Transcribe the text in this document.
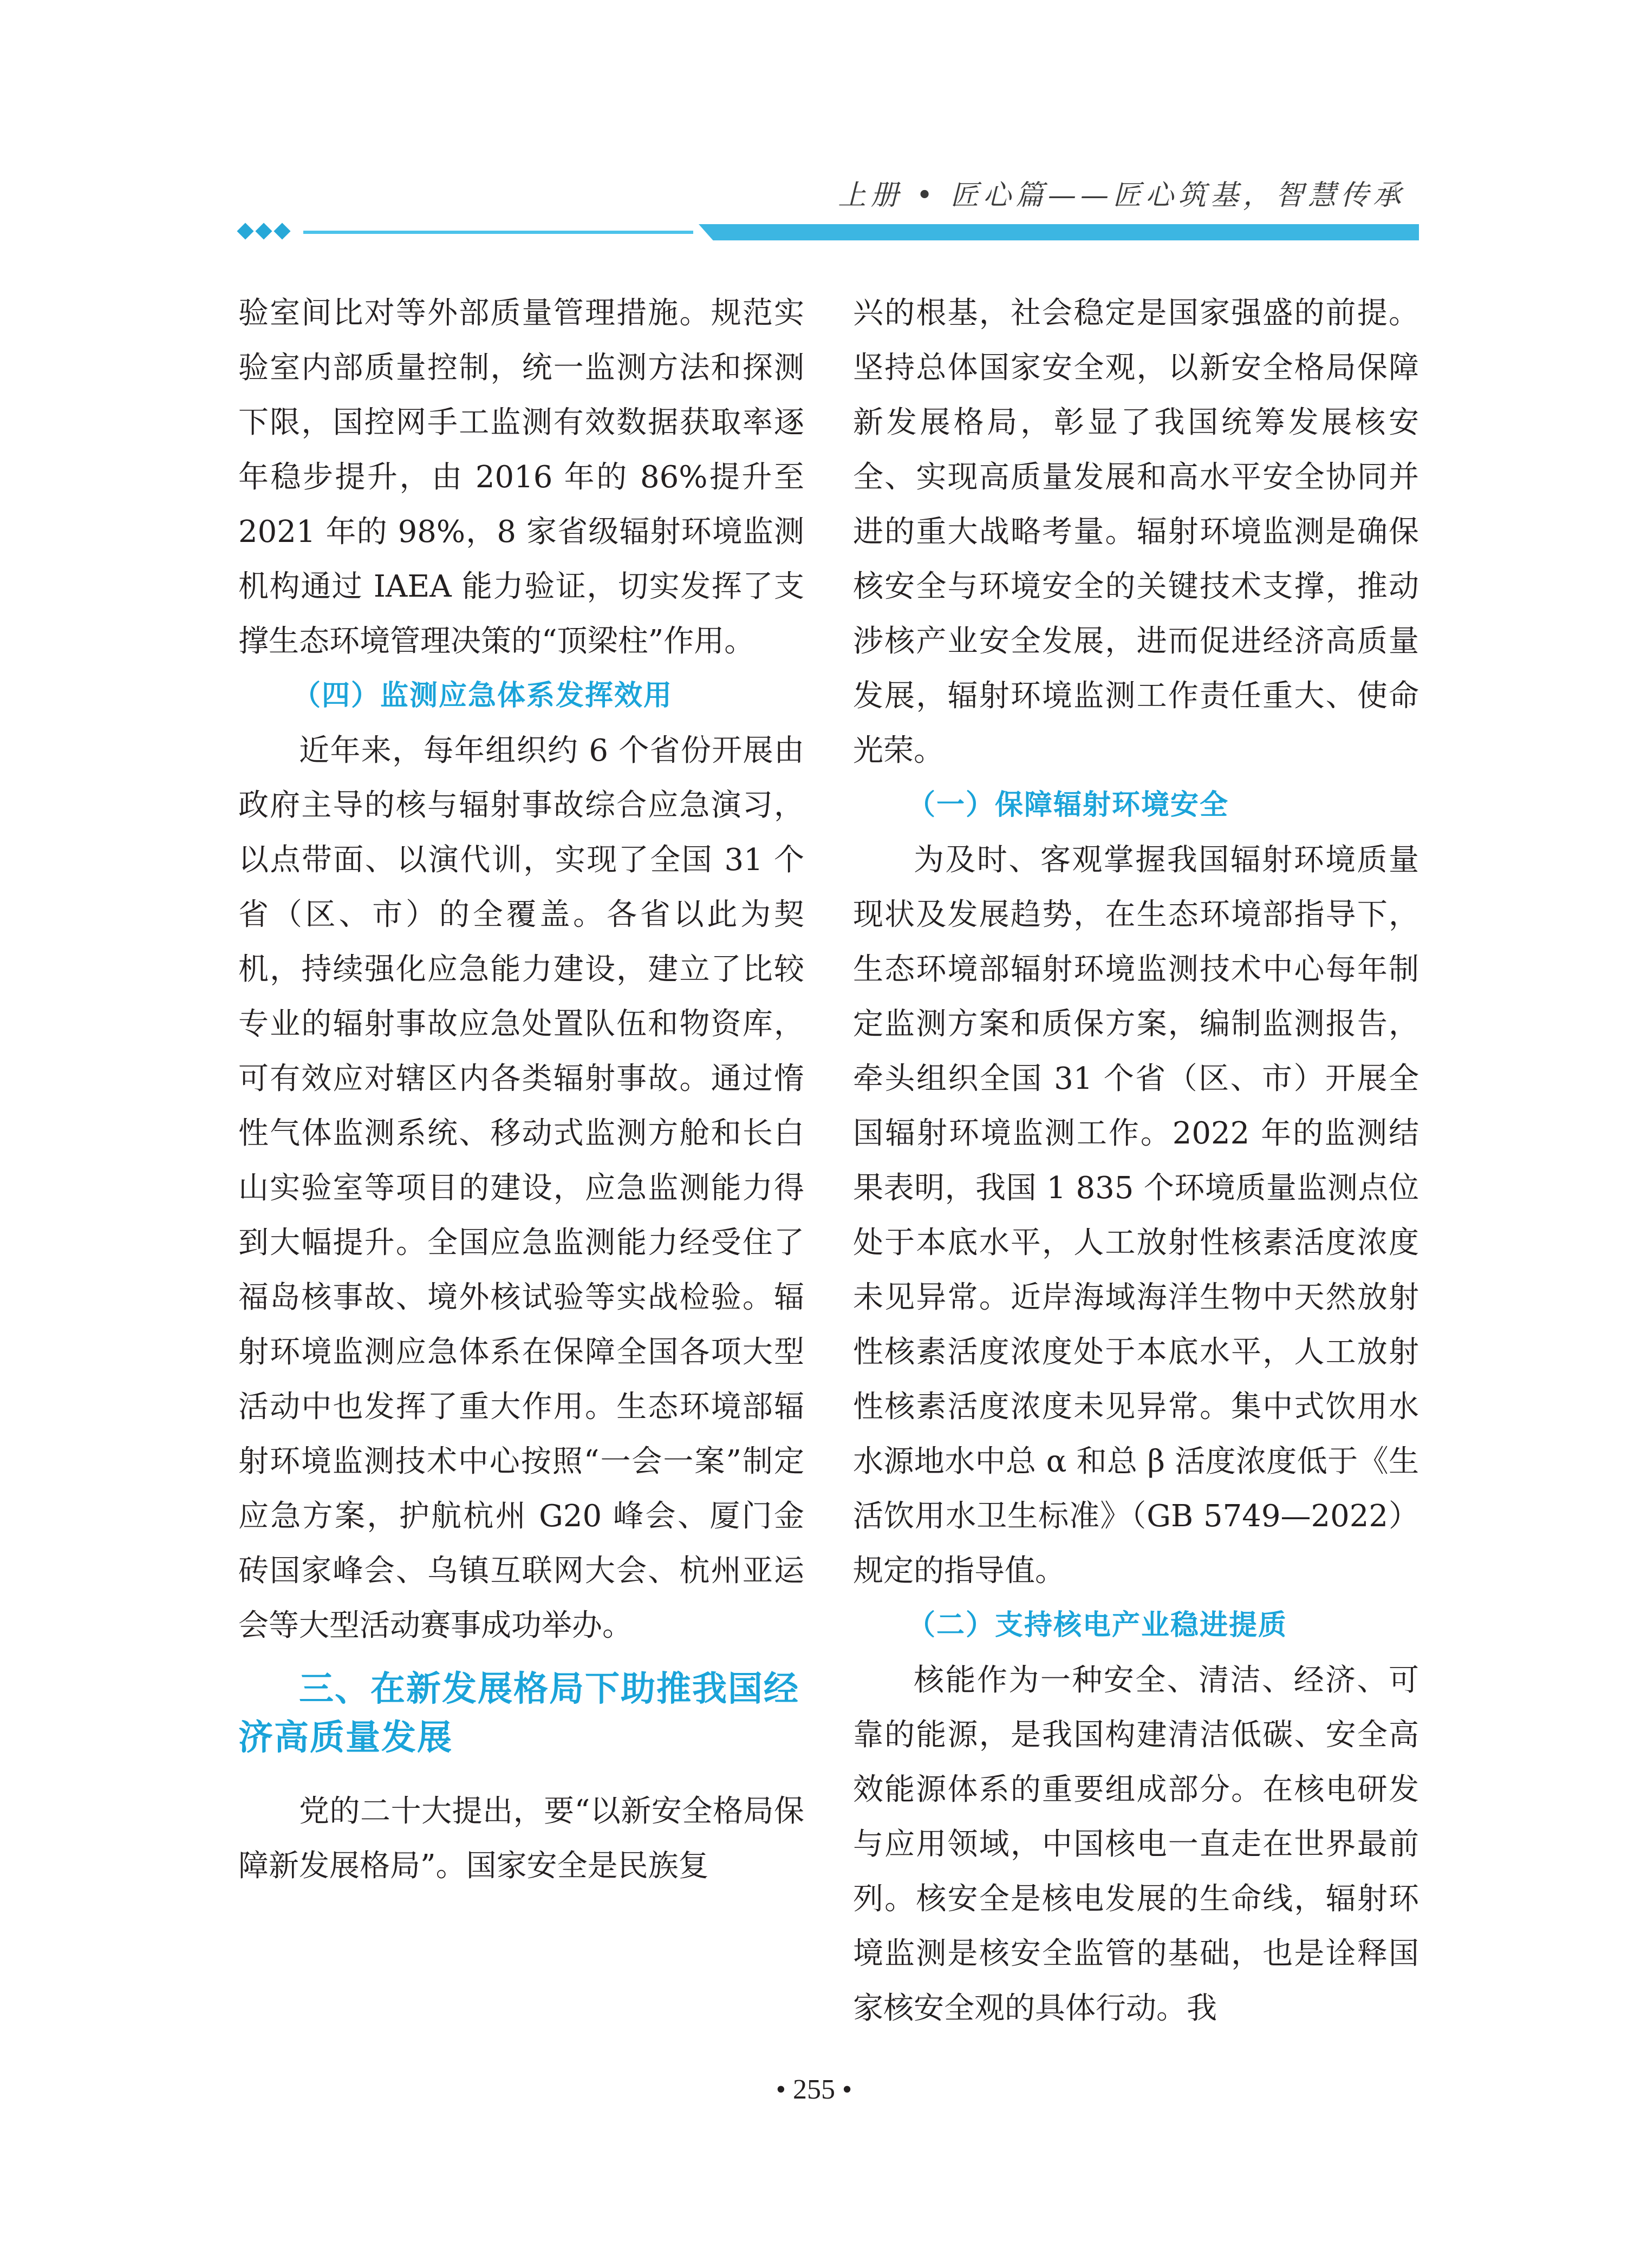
上册 • 匠心篇——匠心筑基，智慧传承

验室间比对等外部质量管理措施。规范实验室内部质量控制，统一监测方法和探测下限，国控网手工监测有效数据获取率逐年稳步提升，由 2016 年的 86%提升至 2021 年的 98%，8 家省级辐射环境监测机构通过 IAEA 能力验证，切实发挥了支撑生态环境管理决策的“顶梁柱”作用。

（四）监测应急体系发挥效用

近年来，每年组织约 6 个省份开展由政府主导的核与辐射事故综合应急演习，以点带面、以演代训，实现了全国 31 个省（区、市）的全覆盖。各省以此为契机，持续强化应急能力建设，建立了比较专业的辐射事故应急处置队伍和物资库，可有效应对辖区内各类辐射事故。通过惰性气体监测系统、移动式监测方舱和长白山实验室等项目的建设，应急监测能力得到大幅提升。全国应急监测能力经受住了福岛核事故、境外核试验等实战检验。辐射环境监测应急体系在保障全国各项大型活动中也发挥了重大作用。生态环境部辐射环境监测技术中心按照“一会一案”制定应急方案，护航杭州 G20 峰会、厦门金砖国家峰会、乌镇互联网大会、杭州亚运会等大型活动赛事成功举办。

三、在新发展格局下助推我国经济高质量发展

党的二十大提出，要“以新安全格局保障新发展格局”。国家安全是民族复

兴的根基，社会稳定是国家强盛的前提。坚持总体国家安全观，以新安全格局保障新发展格局，彰显了我国统筹发展核安全、实现高质量发展和高水平安全协同并进的重大战略考量。辐射环境监测是确保核安全与环境安全的关键技术支撑，推动涉核产业安全发展，进而促进经济高质量发展，辐射环境监测工作责任重大、使命光荣。

（一）保障辐射环境安全

为及时、客观掌握我国辐射环境质量现状及发展趋势，在生态环境部指导下，生态环境部辐射环境监测技术中心每年制定监测方案和质保方案，编制监测报告，牵头组织全国 31 个省（区、市）开展全国辐射环境监测工作。2022 年的监测结果表明，我国 1 835 个环境质量监测点位处于本底水平，人工放射性核素活度浓度未见异常。近岸海域海洋生物中天然放射性核素活度浓度处于本底水平，人工放射性核素活度浓度未见异常。集中式饮用水水源地水中总 α 和总 β 活度浓度低于《生活饮用水卫生标准》（GB 5749—2022）规定的指导值。

（二）支持核电产业稳进提质

核能作为一种安全、清洁、经济、可靠的能源，是我国构建清洁低碳、安全高效能源体系的重要组成部分。在核电研发与应用领域，中国核电一直走在世界最前列。核安全是核电发展的生命线，辐射环境监测是核安全监管的基础，也是诠释国家核安全观的具体行动。我

• 255 •
